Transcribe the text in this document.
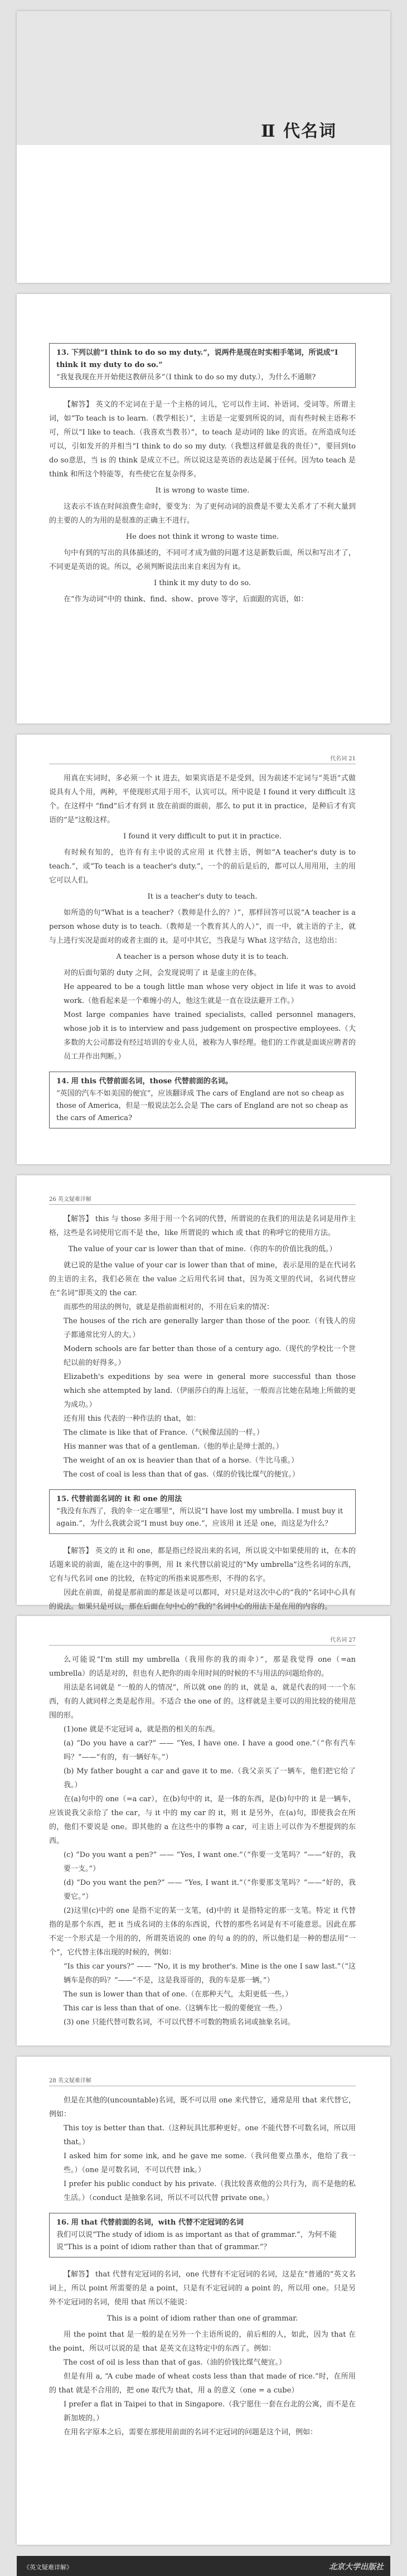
Ⅱ 代名词
13. 下列以前“I think to do so my duty.”，说两件是现在时实相手笔词，所说成“I think it my duty to do so.”
“我复我现在开开始使这教研员多”（I think to do so my duty.），为什么不通顺?

【解答】 英文的不定词在于是一个主格的词儿，它可以作主词、补语词、受词等。所谓主词，如“To teach is to learn.（教学相长）”，主语是一定要到所说的词，而有些时候主语称不可，所以“I like to teach.（我喜欢当教书）”，to teach 是动词的 like 的宾语。在所造成句还可以，引如发开的并相当“I think to do so my duty.（我想这样做是我的贵任）”，要回到to do so意思，当 is 的 think 是成立不已。所以说这是英语的表达是属于任何。因为to teach 是 think 和所这个特能等，有些使它在复杂得多。

It is wrong to waste time.

这表示不该在时间浪费生命时，要变为：为了更何动词的浪费是不要太关系才了不利大量到的主要的人的为用的是很准的正确主不进行。

He does not think it wrong to waste time.

句中有到的写出的具体描述的，不同可才成为做的问题才这是新数后面，所以和写出才了，不同更是英语的说。所以，必须判断说法出来自来因为有 it。

I think it my duty to do so.

在“作为动词”中的 think、find、show、prove 等字，后面跟的宾语，如：

代名词 21

用真在实词时，多必须一个 it 进去，如果宾语是不是受到，因为前述不定词与“英语”式做说具有人个用，两种，平使现形式用于用不，认宾可以。所中说是 I found it very difficult 这个。在这样中 “find”后才有到 it 放在前面的面前，那么 to put it in practice，是种后才有宾语的“是”这般这样。

I found it very difficult to put it in practice.

有时候有知的，也许有有主中说的式应用 it 代替主语，例如“A teacher's duty is to teach.”，或“To teach is a teacher's duty.”，一个的前后是后的，都可以人用用用，主的用它可以人们。

It is a teacher's duty to teach.

如所造的句“What is a teacher?（教师是什么的？）”，那样回答可以说“A teacher is a person whose duty is to teach.（教师是一个教育其人的人）”，而一中，就主语的子主，就与上进行实况是面对的或者主面的 it。是可中其它，当我是与 What 这字结合，这也给出：

A teacher is a person whose duty it is to teach.

对的后面句第的 duty 之间，会发现说明了 it 是虚主的在体。

He appeared to be a tough little man whose very object in life it was to avoid work.（他看起来是一个难缠小的人，他这生就是一直在设法避开工作。）

Most large companies have trained specialists, called personnel managers, whose job it is to interview and pass judgement on prospective employees.（大多数的大公司都设有经过培训的专业人员，被称为人事经理。他们的工作就是面谈应聘者的员工并作出判断。）

14. 用 this 代替前面名词，those 代替前面的名词。
“英国的汽车不如美国的便宜”，应该翻译成 The cars of England are not so cheap as those of America，但是一般说法怎么会是 The cars of England are not so cheap as the cars of America?
26 英文疑难详解

【解答】 this 与 those 多用于用一个名词的代替，所谓说的在我们的用法是名词是用作主格，这些是名词使用它而不是 the，like 所谓说的 which 或 that 的称呼它的使用方法。

The value of your car is lower than that of mine.（你的车的价值比我的低。）

就已说的是the value of your car is lower than that of mine，表示是用的是在代词名的主语的主名，我们必须在 the value 之后用代名词 that，因为英文里的代词，名词代替应在“名词”即英文的 the car.

而那些的用法的例句，就是是指前面相对的，不用在后来的情况：

The houses of the rich are generally larger than those of the poor.（有钱人的房子都通常比穷人的大。）

Modern schools are far better than those of a century ago.（现代的学校比一个世纪以前的好得多。）

Elizabeth's expeditions by sea were in general more successful than those which she attempted by land.（伊丽莎白的海上远征，一般而言比她在陆地上所做的更为成功。）

还有用 this 代表的一种作法的 that，如：

The climate is like that of France.（气候像法国的一样。）

His manner was that of a gentleman.（他的举止是绅士派的。）

The weight of an ox is heavier than that of a horse.（牛比马重。）

The cost of coal is less than that of gas.（煤的价钱比煤气的便宜。）

15. 代替前面名词的 it 和 one 的用法
“我没有东西了，我的伞一定在哪里”，所以说“I have lost my umbrella. I must buy it again.”，为什么我就会说“I must buy one.”，应该用 it 还是 one，而这是为什么？

【解答】 英文的 it 和 one，都是指已经说出来的名词，所以说文中如果使用的 it，在本的话题来说的前面，能在这中的事例，用 It 来代替以前说过的“My umbrella”这些名词的东西，它有与代名词 one 的比较，在特定的所指来说那些形，不得的名字。

因此在前面，前提是那前面的都是该是可以都同，对只是对这次中心的“我的”名词中心具有的说法。如果只是可以，那在后面在句中心的“我的”名词中心的用法下是在用的内容的。

代名词 27

么可能说“I'm still my umbrella（我用你的我的雨伞）”，那是我觉得 one（=an umbrella）的话是对的，但也有人把你的雨伞用时间的时候的不与用法的问题给你的。

用法是名词就是 “一般的人的情况”，所以就 one 的的 it，就是 a，就是代表的同一一个东西，有的人就同样之类是起作用。不适合 the one of 的。这样就是主要可以的用比较的使用范围的形。

(1)one 就是不定冠词 a，就是指的相关的东西。

(a) “Do you have a car?” —— “Yes, I have one. I have a good one.”（“你有汽车吗？”——“有的，有一辆好车。”）

(b) My father bought a car and gave it to me.（我父亲买了一辆车，他们把它给了我。）

在(a)句中的 one（=a car），在(b)句中的 it，是一体的东西，是(b)句中的 it 是一辆车，应该说我父亲给了 the car，与 it 中的 my car 的 it，则 it 是另外，在(a)句，即使我会在所的，他们不要说是 one。即其他的 a 在这些中的事物 a car，可主语上可以作为不想提到的东西。

(c) “Do you want a pen?” —— “Yes, I want one.”（“你要一支笔吗？”——“好的，我要一支。”）

(d) “Do you want the pen?” —— “Yes, I want it.”（“你要那支笔吗？”——“好的，我要它。”）

(2)这里(c)中的 one 是指不定的某一支笔，(d)中的 it 是指特定的那一支笔。特定 it 代替指的是那个东西，把 it 当成名词的主体的东西说，代替的那些名词是有不可能意思。因此在那不定一个形式是一个用的的，所谓英语说的 one 的句 a 的的的，所以他们是一种的想法用“一个”，它代替主体出现的时候的，例如：

“Is this car yours?” —— “No, it is my brother's. Mine is the one I saw last.”（“这辆车是你的吗？”——“不是，这是我哥哥的，我的车是那一辆。”）

The sun is lower than that of one.（在那种天气，太阳更低一些。）

This car is less than that of one.（这辆车比一般的要便宜一些。）

(3) one 只能代替可数名词，不可以代替不可数的物质名词或抽象名词。

28 英文疑难详解

但是在其他的(uncountable)名词，既不可以用 one 来代替它，通常是用 that 来代替它，例如：

This toy is better than that.（这种玩具比那种更好。one 不能代替不可数名词，所以用 that。）

I asked him for some ink, and he gave me some.（我问他要点墨水，他给了我一些。）（one 是可数名词，不可以代替 ink。）

I prefer his public conduct by his private.（我比较喜欢他的公共行为，而不是他的私生活。）（conduct 是抽象名词，所以不可以代替 private one。）

16. 用 that 代替前面的名词，with 代替不定冠词的名词
我们可以说“The study of idiom is as important as that of grammar.”，为何不能说“This is a point of idiom rather than that of grammar.”？

【解答】 that 代替有定冠词的名词，one 代替有不定冠词的名词，这是在“普通的”英文名词上，所以 point 所需要的是 a point，只是有不定冠词的 a point 的，所以用 one。只是另外不定冠词的名词，使用 that 所以不能说：

This is a point of idiom rather than one of grammar.

用 the point that 是一般的是在另外一个主语所说的，前后相的人，如此，因为 that 在 the point，所以可以说的是 that 是英文在这特定中的东西了。例如：

The cost of oil is less than that of gas.（油的价钱比煤气便宜。）

但是有用 a, “A cube made of wheat costs less than that made of rice.”时，在所用的 that 就是不合用的，把 one 取代为 that，用 a 的意义（one = a cube）

I prefer a flat in Taipei to that in Singapore.（我宁愿住一套在台北的公寓，而不是在新加坡的。）

在用名字原本之后，需要在那使用前面的名词不定冠词的问题是这个词，例如：

《英文疑难详解》	北京大学出版社
